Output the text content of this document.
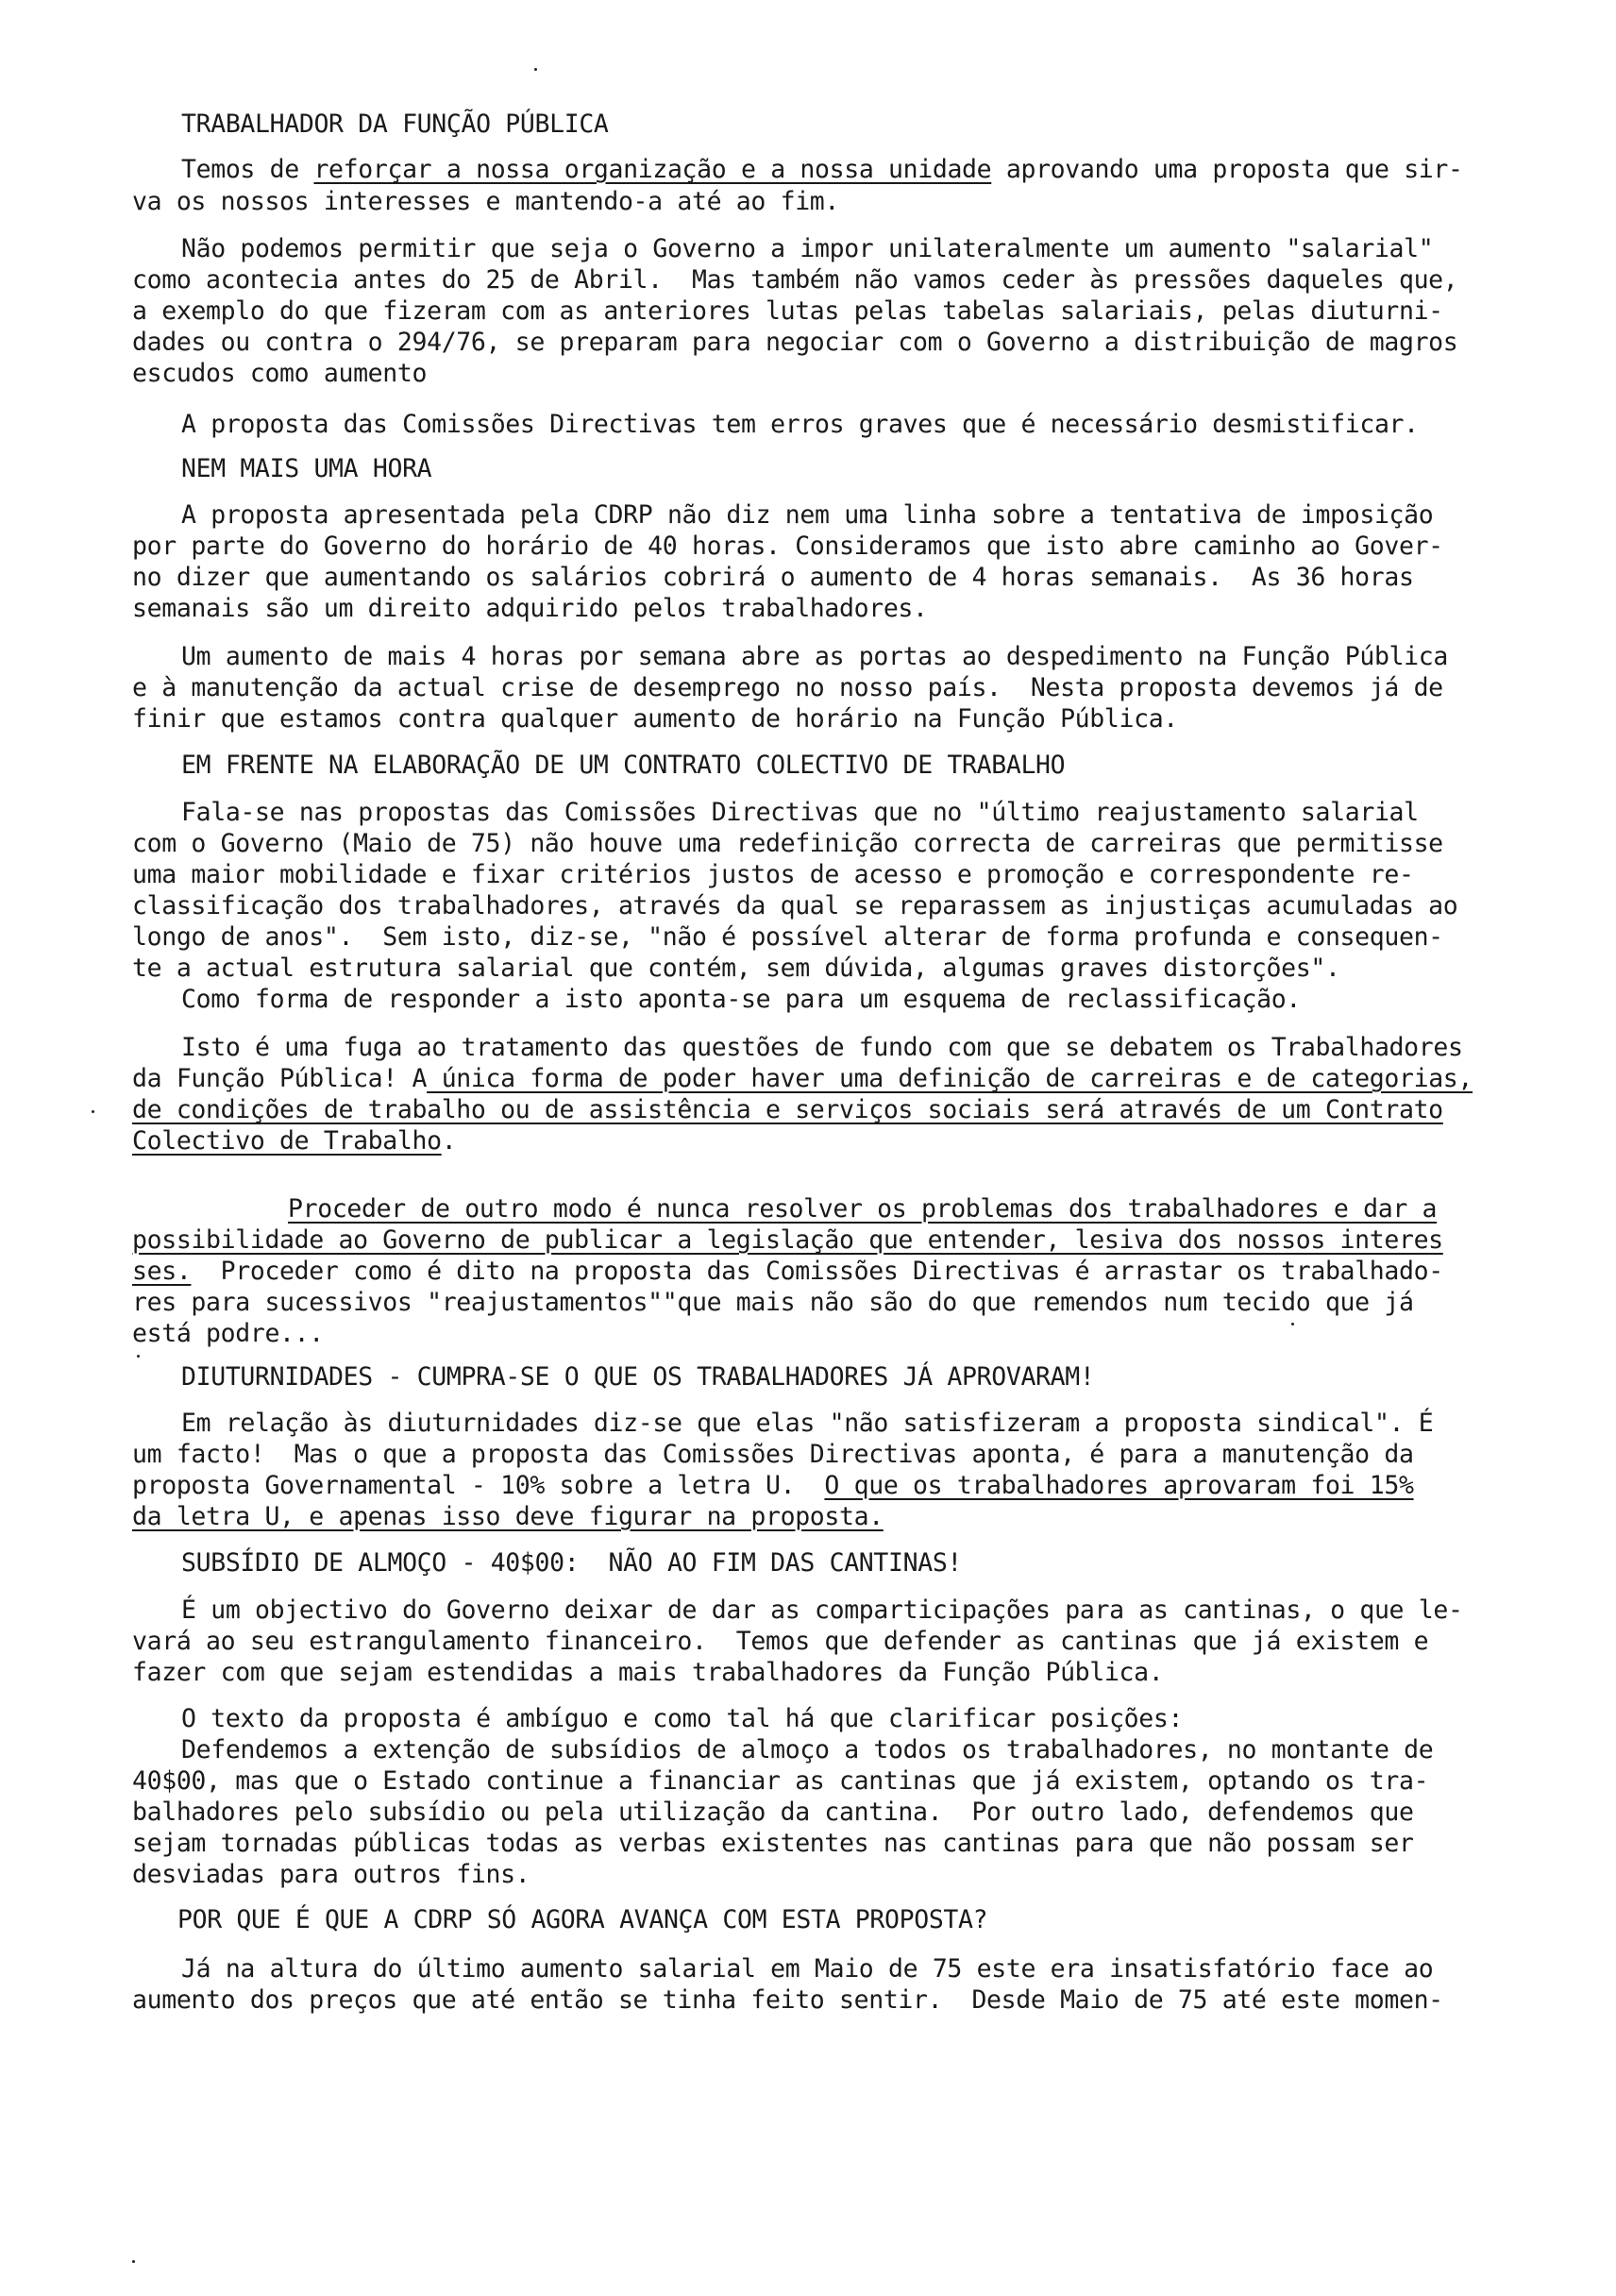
TRABALHADOR DA FUNÇÃO PÚBLICA
Temos de reforçar a nossa organização e a nossa unidade aprovando uma proposta que sir-
va os nossos interesses e mantendo-a até ao fim.
Não podemos permitir que seja o Governo a impor unilateralmente um aumento "salarial"
como acontecia antes do 25 de Abril.  Mas também não vamos ceder às pressões daqueles que,
a exemplo do que fizeram com as anteriores lutas pelas tabelas salariais, pelas diuturni-
dades ou contra o 294/76, se preparam para negociar com o Governo a distribuição de magros
escudos como aumento
A proposta das Comissões Directivas tem erros graves que é necessário desmistificar.
NEM MAIS UMA HORA
A proposta apresentada pela CDRP não diz nem uma linha sobre a tentativa de imposição
por parte do Governo do horário de 40 horas. Consideramos que isto abre caminho ao Gover-
no dizer que aumentando os salários cobrirá o aumento de 4 horas semanais.  As 36 horas
semanais são um direito adquirido pelos trabalhadores.
Um aumento de mais 4 horas por semana abre as portas ao despedimento na Função Pública
e à manutenção da actual crise de desemprego no nosso país.  Nesta proposta devemos já de
finir que estamos contra qualquer aumento de horário na Função Pública.
EM FRENTE NA ELABORAÇÃO DE UM CONTRATO COLECTIVO DE TRABALHO
Fala-se nas propostas das Comissões Directivas que no "último reajustamento salarial
com o Governo (Maio de 75) não houve uma redefinição correcta de carreiras que permitisse
uma maior mobilidade e fixar critérios justos de acesso e promoção e correspondente re-
classificação dos trabalhadores, através da qual se reparassem as injustiças acumuladas ao
longo de anos".  Sem isto, diz-se, "não é possível alterar de forma profunda e consequen-
te a actual estrutura salarial que contém, sem dúvida, algumas graves distorções".
Como forma de responder a isto aponta-se para um esquema de reclassificação.
Isto é uma fuga ao tratamento das questões de fundo com que se debatem os Trabalhadores
da Função Pública! A única forma de poder haver uma definição de carreiras e de categorias,
de condições de trabalho ou de assistência e serviços sociais será através de um Contrato
Colectivo de Trabalho.
Proceder de outro modo é nunca resolver os problemas dos trabalhadores e dar a
possibilidade ao Governo de publicar a legislação que entender, lesiva dos nossos interes
ses.  Proceder como é dito na proposta das Comissões Directivas é arrastar os trabalhado-
res para sucessivos "reajustamentos""que mais não são do que remendos num tecido que já
está podre...
DIUTURNIDADES - CUMPRA-SE O QUE OS TRABALHADORES JÁ APROVARAM!
Em relação às diuturnidades diz-se que elas "não satisfizeram a proposta sindical". É
um facto!  Mas o que a proposta das Comissões Directivas aponta, é para a manutenção da
proposta Governamental - 10% sobre a letra U.  O que os trabalhadores aprovaram foi 15%
da letra U, e apenas isso deve figurar na proposta.
SUBSÍDIO DE ALMOÇO - 40$00:  NÃO AO FIM DAS CANTINAS!
É um objectivo do Governo deixar de dar as comparticipações para as cantinas, o que le-
vará ao seu estrangulamento financeiro.  Temos que defender as cantinas que já existem e
fazer com que sejam estendidas a mais trabalhadores da Função Pública.
O texto da proposta é ambíguo e como tal há que clarificar posições:
Defendemos a extenção de subsídios de almoço a todos os trabalhadores, no montante de
40$00, mas que o Estado continue a financiar as cantinas que já existem, optando os tra-
balhadores pelo subsídio ou pela utilização da cantina.  Por outro lado, defendemos que
sejam tornadas públicas todas as verbas existentes nas cantinas para que não possam ser
desviadas para outros fins.
POR QUE É QUE A CDRP SÓ AGORA AVANÇA COM ESTA PROPOSTA?
Já na altura do último aumento salarial em Maio de 75 este era insatisfatório face ao
aumento dos preços que até então se tinha feito sentir.  Desde Maio de 75 até este momen-
